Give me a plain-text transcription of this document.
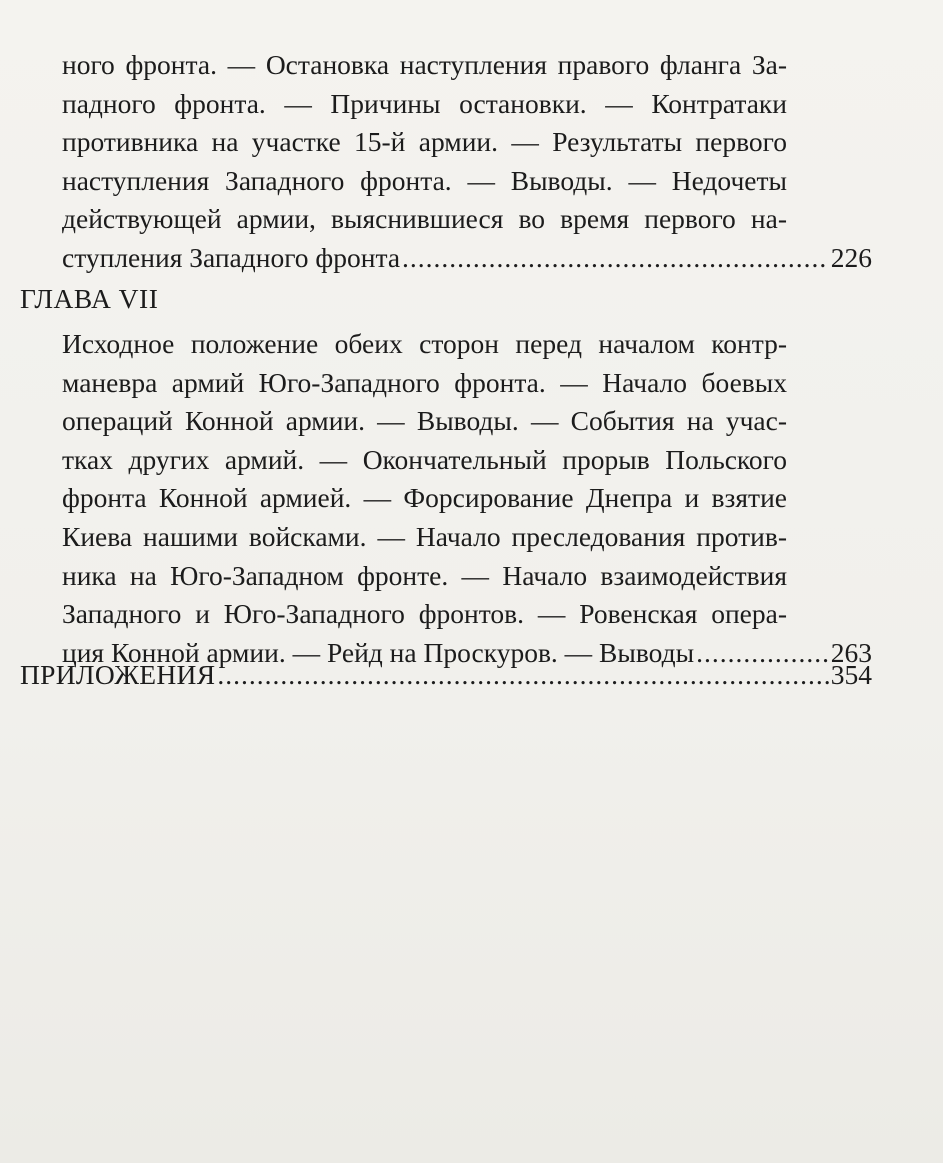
ного фронта. — Остановка наступления правого фланга За-
падного фронта. — Причины остановки. — Контратаки
противника на участке 15-й армии. — Результаты первого
наступления Западного фронта. — Выводы. — Недочеты
действующей армии, выяснившиеся во время первого на-
ступления Западного фронта .....	226
ГЛАВА VII
Исходное положение обеих сторон перед началом контр-
маневра армий Юго-Западного фронта. — Начало боевых
операций Конной армии. — Выводы. — События на учас-
тках других армий. — Окончательный прорыв Польского
фронта Конной армией. — Форсирование Днепра и взятие
Киева нашими войсками. — Начало преследования против-
ника на Юго-Западном фронте. — Начало взаимодействия
Западного и Юго-Западного фронтов. — Ровенская опера-
ция Конной армии. — Рейд на Проскуров. — Выводы .....	263
ПРИЛОЖЕНИЯ .....	354
